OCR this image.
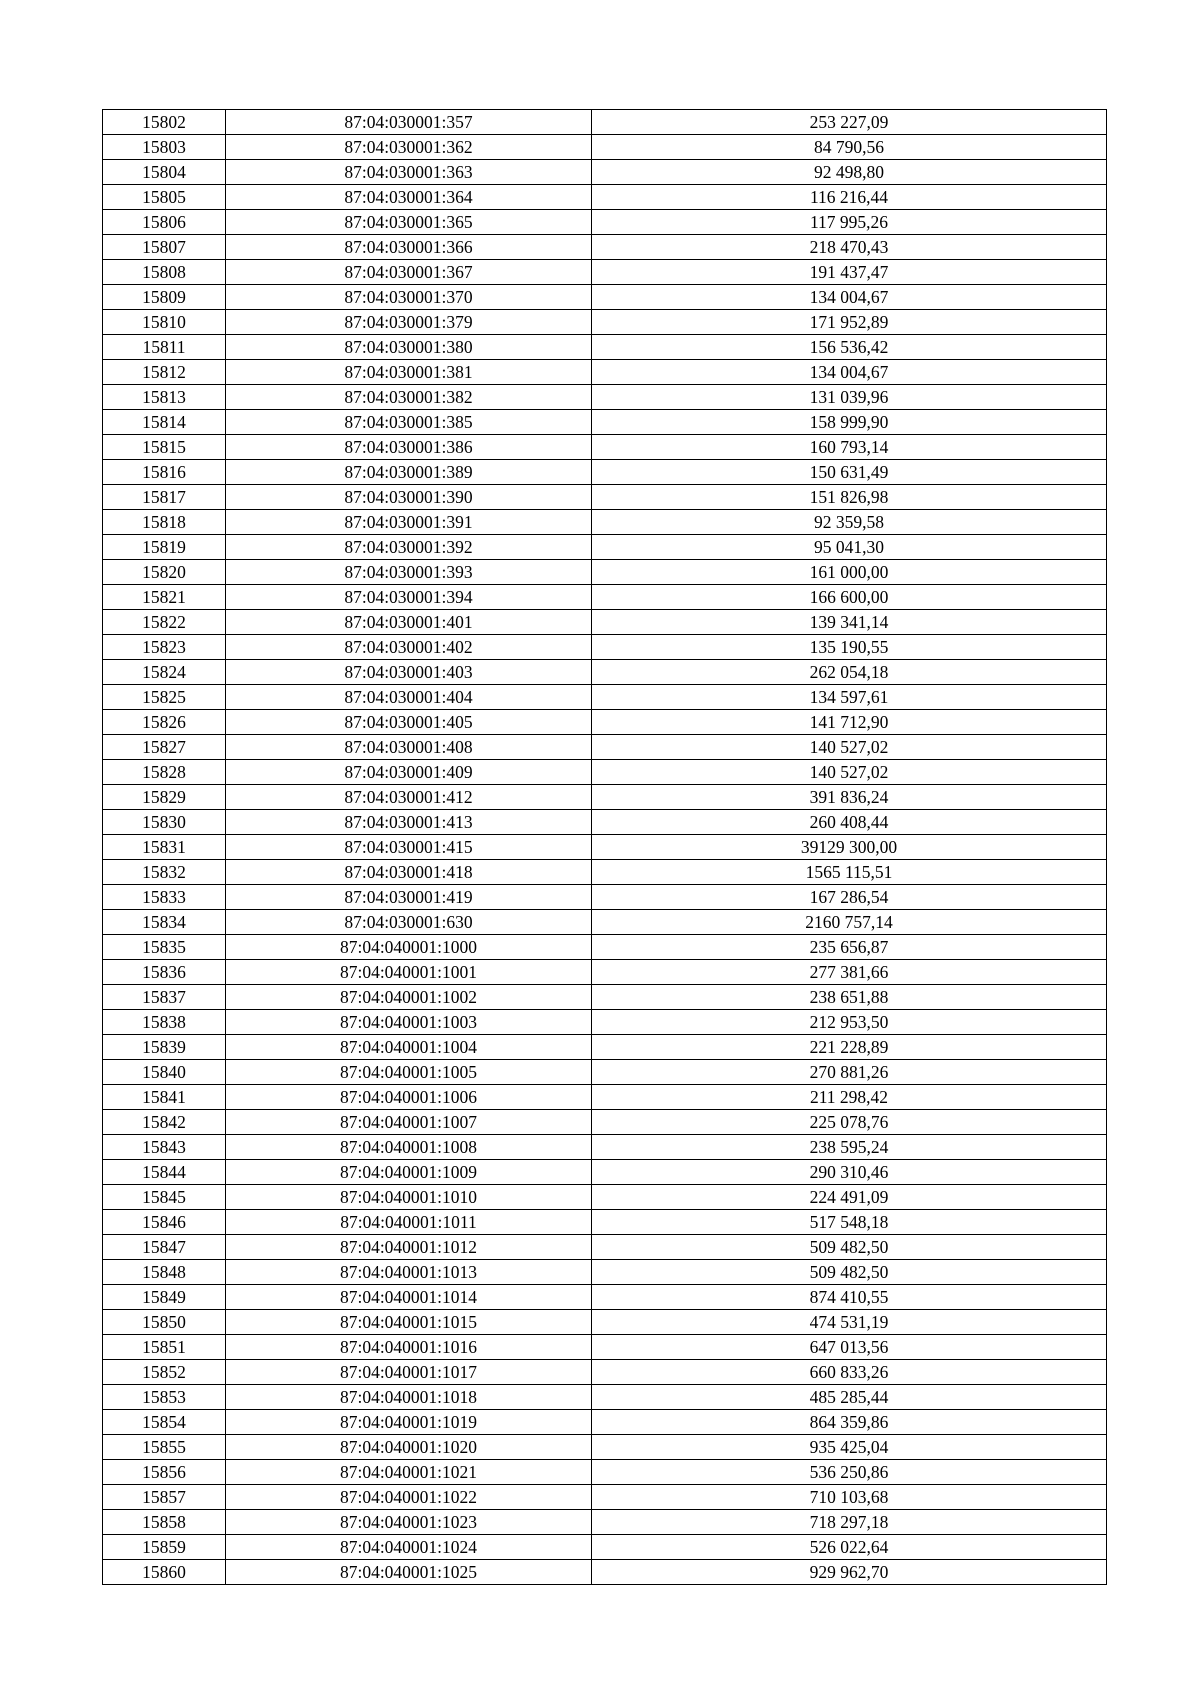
15802	87:04:030001:357	253 227,09
15803	87:04:030001:362	84 790,56
15804	87:04:030001:363	92 498,80
15805	87:04:030001:364	116 216,44
15806	87:04:030001:365	117 995,26
15807	87:04:030001:366	218 470,43
15808	87:04:030001:367	191 437,47
15809	87:04:030001:370	134 004,67
15810	87:04:030001:379	171 952,89
15811	87:04:030001:380	156 536,42
15812	87:04:030001:381	134 004,67
15813	87:04:030001:382	131 039,96
15814	87:04:030001:385	158 999,90
15815	87:04:030001:386	160 793,14
15816	87:04:030001:389	150 631,49
15817	87:04:030001:390	151 826,98
15818	87:04:030001:391	92 359,58
15819	87:04:030001:392	95 041,30
15820	87:04:030001:393	161 000,00
15821	87:04:030001:394	166 600,00
15822	87:04:030001:401	139 341,14
15823	87:04:030001:402	135 190,55
15824	87:04:030001:403	262 054,18
15825	87:04:030001:404	134 597,61
15826	87:04:030001:405	141 712,90
15827	87:04:030001:408	140 527,02
15828	87:04:030001:409	140 527,02
15829	87:04:030001:412	391 836,24
15830	87:04:030001:413	260 408,44
15831	87:04:030001:415	39129 300,00
15832	87:04:030001:418	1565 115,51
15833	87:04:030001:419	167 286,54
15834	87:04:030001:630	2160 757,14
15835	87:04:040001:1000	235 656,87
15836	87:04:040001:1001	277 381,66
15837	87:04:040001:1002	238 651,88
15838	87:04:040001:1003	212 953,50
15839	87:04:040001:1004	221 228,89
15840	87:04:040001:1005	270 881,26
15841	87:04:040001:1006	211 298,42
15842	87:04:040001:1007	225 078,76
15843	87:04:040001:1008	238 595,24
15844	87:04:040001:1009	290 310,46
15845	87:04:040001:1010	224 491,09
15846	87:04:040001:1011	517 548,18
15847	87:04:040001:1012	509 482,50
15848	87:04:040001:1013	509 482,50
15849	87:04:040001:1014	874 410,55
15850	87:04:040001:1015	474 531,19
15851	87:04:040001:1016	647 013,56
15852	87:04:040001:1017	660 833,26
15853	87:04:040001:1018	485 285,44
15854	87:04:040001:1019	864 359,86
15855	87:04:040001:1020	935 425,04
15856	87:04:040001:1021	536 250,86
15857	87:04:040001:1022	710 103,68
15858	87:04:040001:1023	718 297,18
15859	87:04:040001:1024	526 022,64
15860	87:04:040001:1025	929 962,70
